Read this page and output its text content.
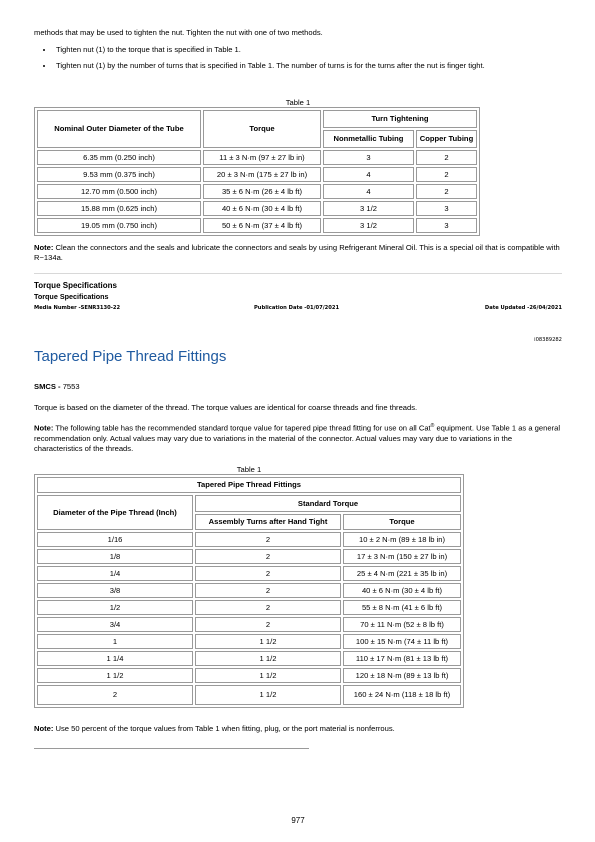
methods that may be used to tighten the nut. Tighten the nut with one of two methods.
• Tighten nut (1) to the torque that is specified in Table 1.
• Tighten nut (1) by the number of turns that is specified in Table 1. The number of turns is for the turns after the nut is finger tight.
Table 1
Nominal Outer Diameter of the Tube	Torque	Turn Tightening	
		Nonmetallic Tubing	Copper Tubing
6.35 mm (0.250 inch)	11 ± 3 N·m (97 ± 27 lb in)	3	2
9.53 mm (0.375 inch)	20 ± 3 N·m (175 ± 27 lb in)	4	2
12.70 mm (0.500 inch)	35 ± 6 N·m (26 ± 4 lb ft)	4	2
15.88 mm (0.625 inch)	40 ± 6 N·m (30 ± 4 lb ft)	3 1/2	3
19.05 mm (0.750 inch)	50 ± 6 N·m (37 ± 4 lb ft)	3 1/2	3
Note: Clean the connectors and the seals and lubricate the connectors and seals by using Refrigerant Mineral Oil. This is a special oil that is compatible with R−134a.
Torque Specifications
Torque Specifications
Media Number -SENR3130-22	Publication Date -01/07/2021	Date Updated -26/04/2021
i08389282
Tapered Pipe Thread Fittings
SMCS - 7553
Torque is based on the diameter of the thread. The torque values are identical for coarse threads and fine threads.
Note: The following table has the recommended standard torque value for tapered pipe thread fitting for use on all Cat® equipment. Use Table 1 as a general recommendation only. Actual values may vary due to variations in the material of the connector. Actual values may vary due to variations in the characteristics of the threads.
Table 1
Tapered Pipe Thread Fittings		
Diameter of the Pipe Thread (Inch)	Standard Torque	
	Assembly Turns after Hand Tight	Torque
1/16	2	10 ± 2 N·m (89 ± 18 lb in)
1/8	2	17 ± 3 N·m (150 ± 27 lb in)
1/4	2	25 ± 4 N·m (221 ± 35 lb in)
3/8	2	40 ± 6 N·m (30 ± 4 lb ft)
1/2	2	55 ± 8 N·m (41 ± 6 lb ft)
3/4	2	70 ± 11 N·m (52 ± 8 lb ft)
1	1 1/2	100 ± 15 N·m (74 ± 11 lb ft)
1 1/4	1 1/2	110 ± 17 N·m (81 ± 13 lb ft)
1 1/2	1 1/2	120 ± 18 N·m (89 ± 13 lb ft)
2	1 1/2	160 ± 24 N·m (118 ± 18 lb ft)
Note: Use 50 percent of the torque values from Table 1 when fitting, plug, or the port material is nonferrous.
977
